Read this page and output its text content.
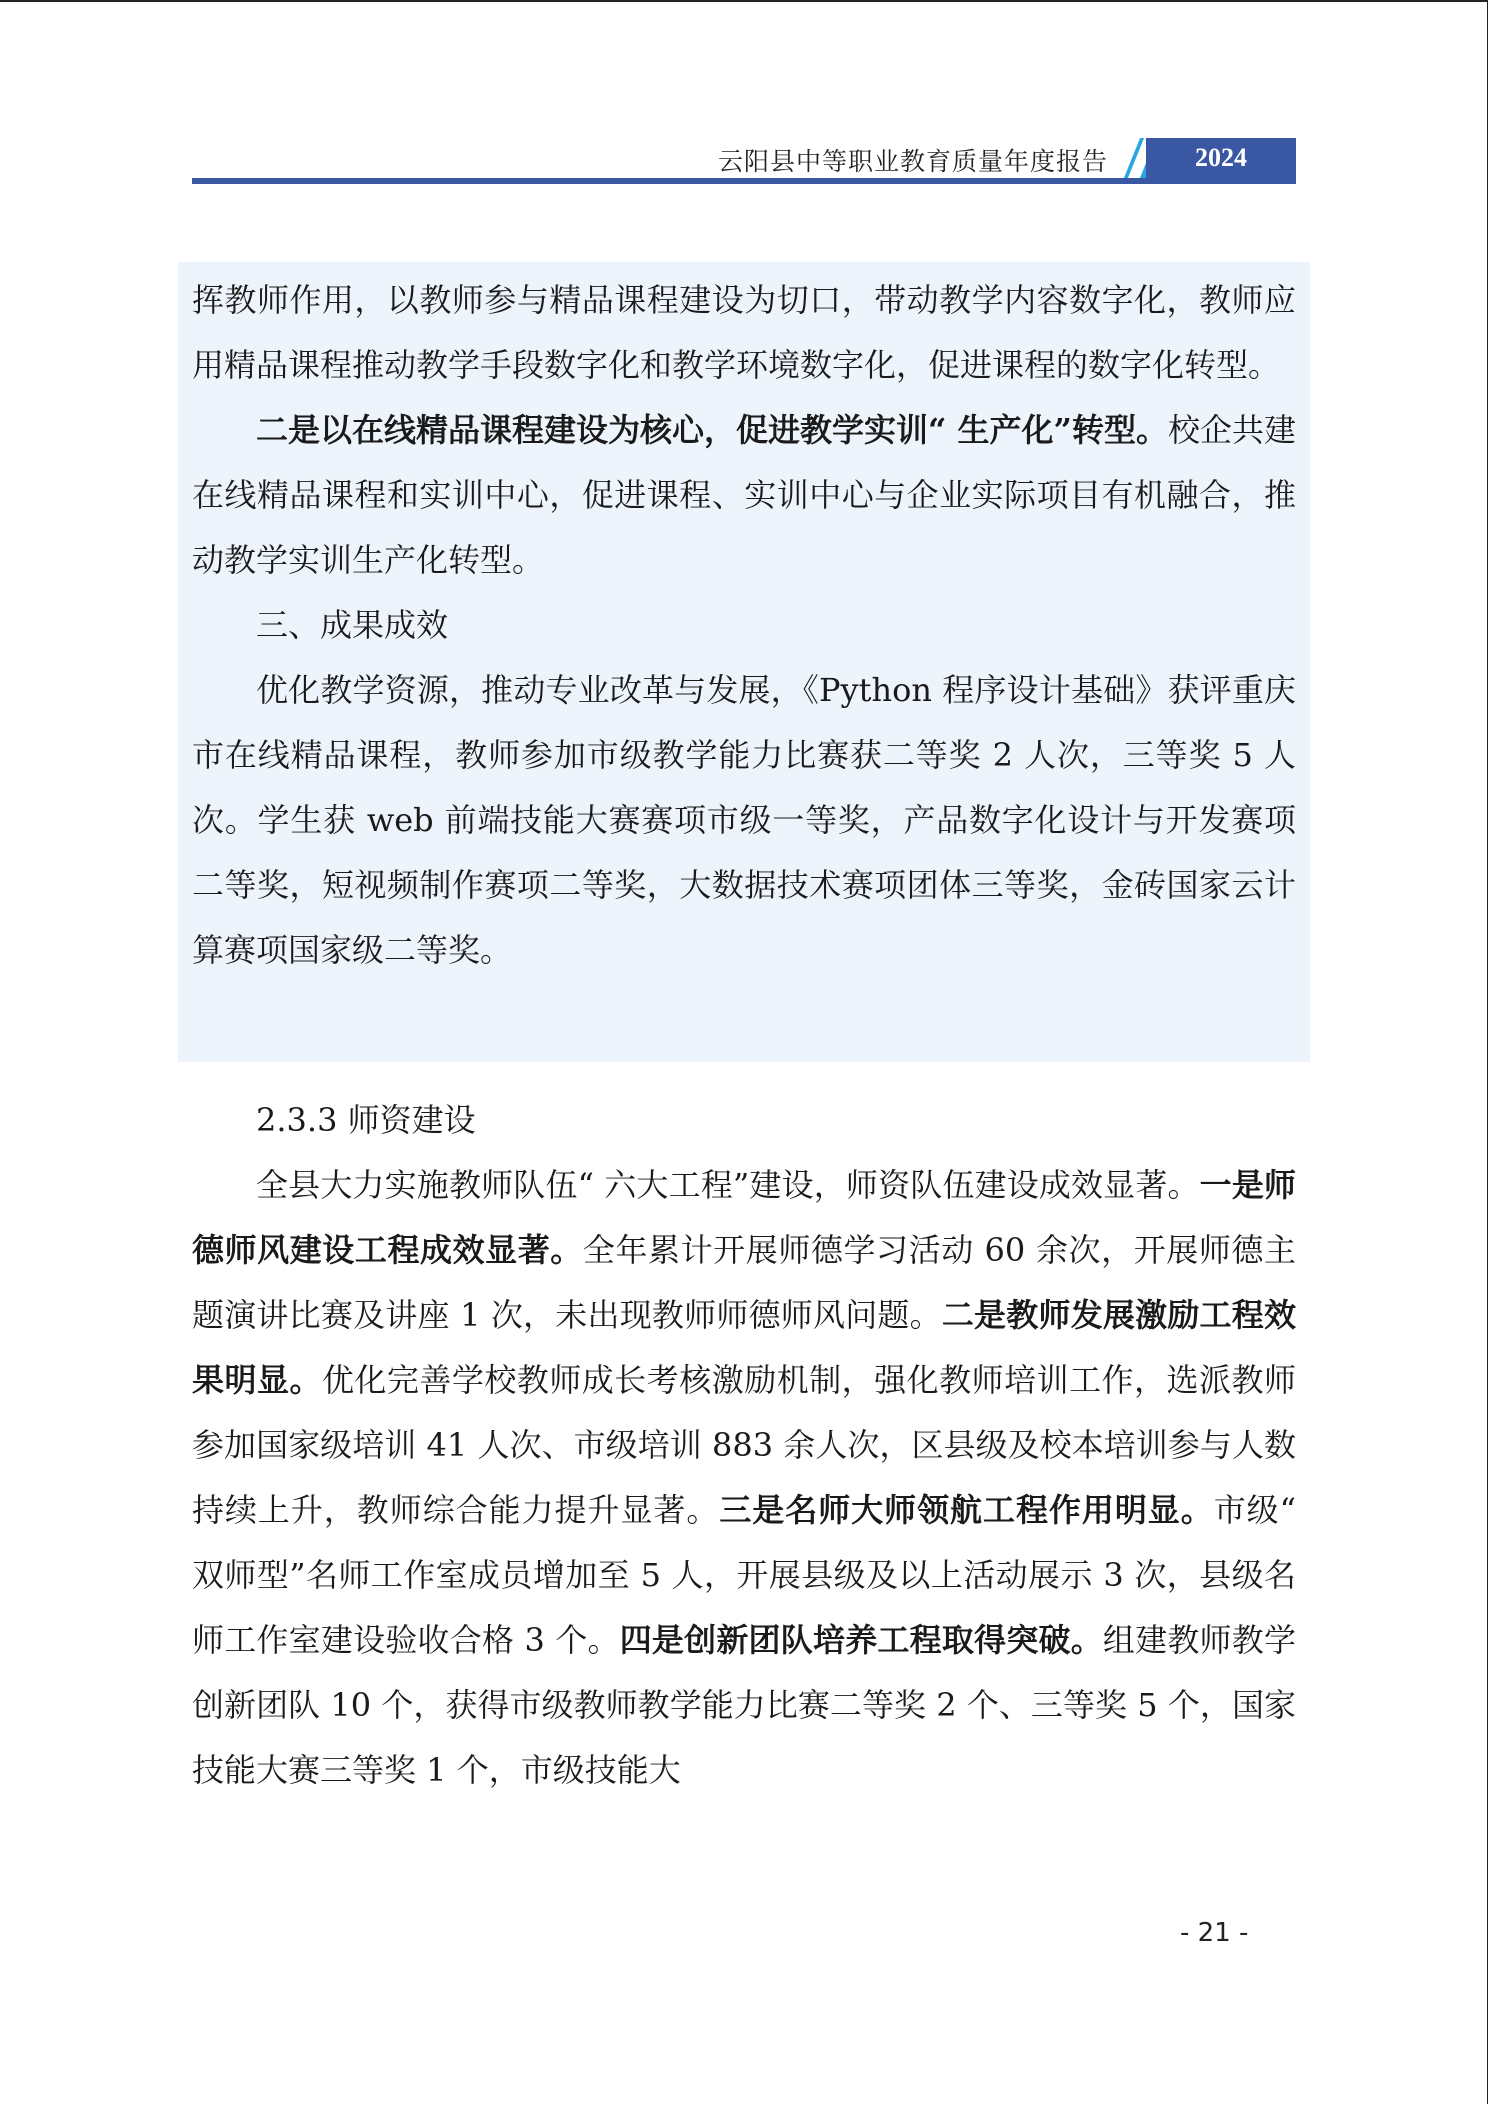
云阳县中等职业教育质量年度报告	2024

挥教师作用，以教师参与精品课程建设为切口，带动教学内容数字化，教师应用精品课程推动教学手段数字化和教学环境数字化，促进课程的数字化转型。

二是以在线精品课程建设为核心，促进教学实训“ 生产化”转型。校企共建在线精品课程和实训中心，促进课程、实训中心与企业实际项目有机融合，推动教学实训生产化转型。

三、成果成效

优化教学资源，推动专业改革与发展，《Python 程序设计基础》获评重庆市在线精品课程，教师参加市级教学能力比赛获二等奖 2 人次，三等奖 5 人次。学生获 web 前端技能大赛赛项市级一等奖，产品数字化设计与开发赛项二等奖，短视频制作赛项二等奖，大数据技术赛项团体三等奖，金砖国家云计算赛项国家级二等奖。

2.3.3 师资建设

全县大力实施教师队伍“ 六大工程”建设，师资队伍建设成效显著。一是师德师风建设工程成效显著。全年累计开展师德学习活动 60 余次，开展师德主题演讲比赛及讲座 1 次，未出现教师师德师风问题。二是教师发展激励工程效果明显。优化完善学校教师成长考核激励机制，强化教师培训工作，选派教师参加国家级培训 41 人次、市级培训 883 余人次，区县级及校本培训参与人数持续上升，教师综合能力提升显著。三是名师大师领航工程作用明显。市级“ 双师型”名师工作室成员增加至 5 人，开展县级及以上活动展示 3 次，县级名师工作室建设验收合格 3 个。四是创新团队培养工程取得突破。组建教师教学创新团队 10 个，获得市级教师教学能力比赛二等奖 2 个、三等奖 5 个，国家技能大赛三等奖 1 个，市级技能大

- 21 -
